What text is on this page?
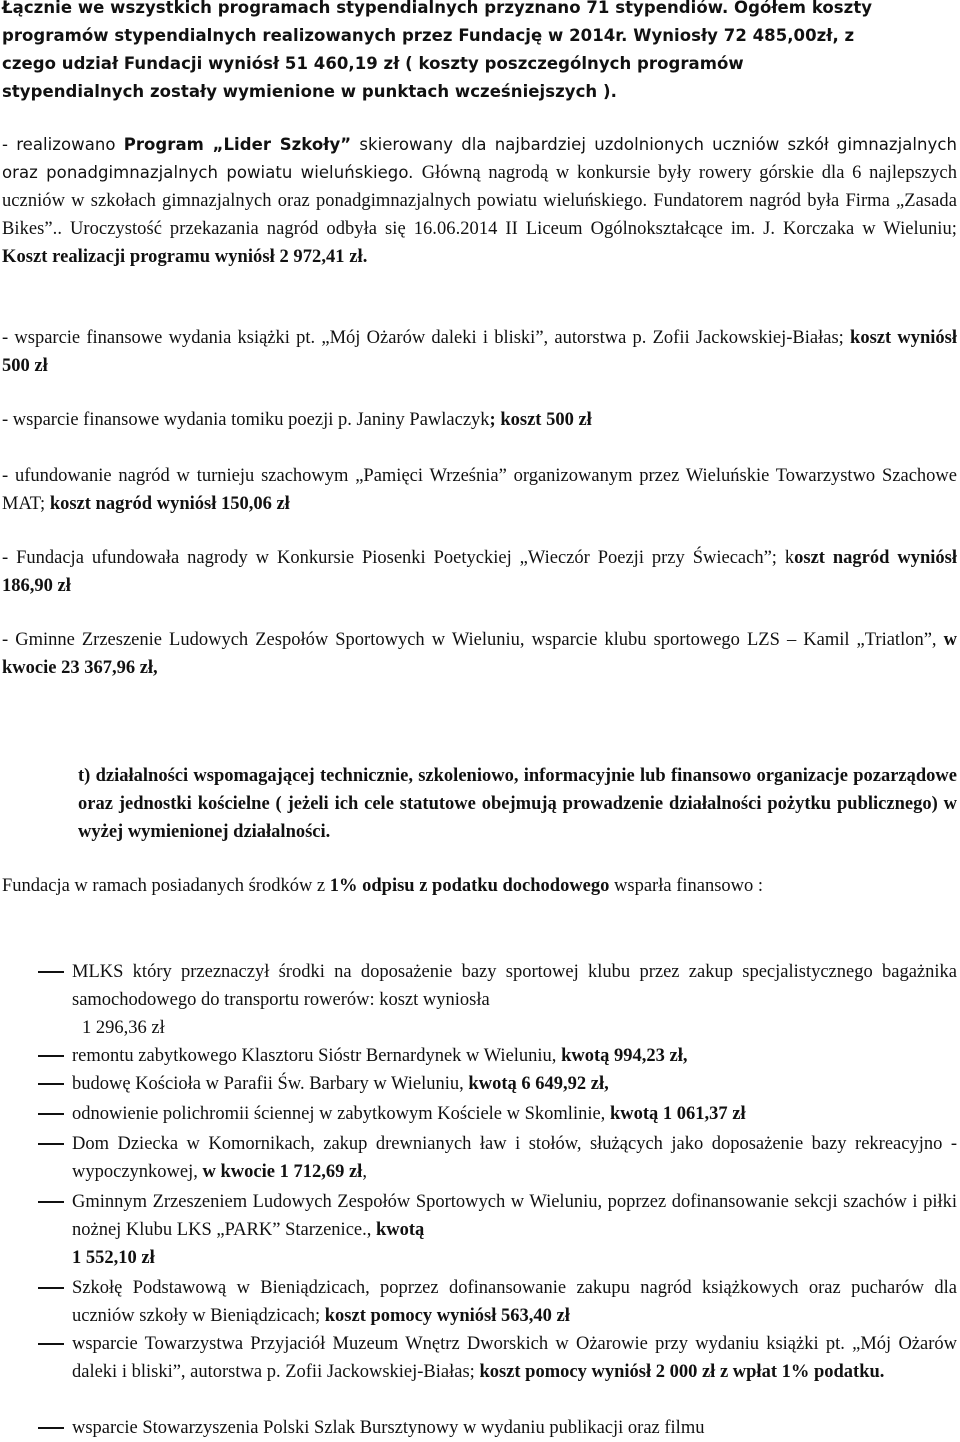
Łącznie we wszystkich programach stypendialnych przyznano 71 stypendiów. Ogółem koszty
programów stypendialnych realizowanych przez Fundację w 2014r. Wyniosły 72 485,00zł, z
czego udział Fundacji wyniósł 51 460,19 zł ( koszty poszczególnych programów
stypendialnych zostały wymienione w punktach wcześniejszych ).
- realizowano Program „Lider Szkoły” skierowany dla najbardziej uzdolnionych uczniów szkół gimnazjalnych oraz ponadgimnazjalnych powiatu wieluńskiego. Główną nagrodą w konkursie były rowery górskie dla 6 najlepszych uczniów w szkołach gimnazjalnych oraz ponadgimnazjalnych powiatu wieluńskiego. Fundatorem nagród była Firma „Zasada Bikes”.. Uroczystość przekazania nagród odbyła się 16.06.2014 II Liceum Ogólnokształcące im. J. Korczaka w Wieluniu; Koszt realizacji programu wyniósł 2 972,41 zł.
- wsparcie finansowe wydania książki pt. „Mój Ożarów daleki i bliski”, autorstwa p. Zofii Jackowskiej-Białas; koszt wyniósł 500 zł
- wsparcie finansowe wydania tomiku poezji p. Janiny Pawlaczyk; koszt 500 zł
- ufundowanie nagród w turnieju szachowym „Pamięci Września” organizowanym przez Wieluńskie Towarzystwo Szachowe MAT; koszt nagród wyniósł 150,06 zł
- Fundacja ufundowała nagrody w Konkursie Piosenki Poetyckiej „Wieczór Poezji przy Świecach”; koszt nagród wyniósł 186,90 zł
- Gminne Zrzeszenie Ludowych Zespołów Sportowych w Wieluniu, wsparcie klubu sportowego LZS – Kamil „Triatlon”, w kwocie 23 367,96 zł,
t) działalności wspomagającej technicznie, szkoleniowo, informacyjnie lub finansowo organizacje pozarządowe oraz jednostki kościelne ( jeżeli ich cele statutowe obejmują prowadzenie działalności pożytku publicznego) w wyżej wymienionej działalności.
Fundacja w ramach posiadanych środków z 1% odpisu z podatku dochodowego wsparła finansowo :
MLKS który przeznaczył środki na doposażenie bazy sportowej klubu przez zakup specjalistycznego bagażnika samochodowego do transportu rowerów: koszt wyniosła
1 296,36 zł
remontu zabytkowego Klasztoru Sióstr Bernardynek w Wieluniu, kwotą 994,23 zł,
budowę Kościoła w Parafii Św. Barbary w Wieluniu, kwotą 6 649,92 zł,
odnowienie polichromii ściennej w zabytkowym Kościele w Skomlinie, kwotą 1 061,37 zł
Dom Dziecka w Komornikach, zakup drewnianych ław i stołów, służących jako doposażenie bazy rekreacyjno - wypoczynkowej, w kwocie 1 712,69 zł,
Gminnym Zrzeszeniem Ludowych Zespołów Sportowych w Wieluniu, poprzez dofinansowanie sekcji szachów i piłki nożnej Klubu LKS „PARK” Starzenice., kwotą
1 552,10 zł
Szkołę Podstawową w Bieniądzicach, poprzez dofinansowanie zakupu nagród książkowych oraz pucharów dla uczniów szkoły w Bieniądzicach; koszt pomocy wyniósł 563,40 zł
wsparcie Towarzystwa Przyjaciół Muzeum Wnętrz Dworskich w Ożarowie przy wydaniu książki pt. „Mój Ożarów daleki i bliski”, autorstwa p. Zofii Jackowskiej-Białas; koszt pomocy wyniósł 2 000 zł z wpłat 1% podatku.
wsparcie Stowarzyszenia Polski Szlak Bursztynowy w wydaniu publikacji oraz filmu
